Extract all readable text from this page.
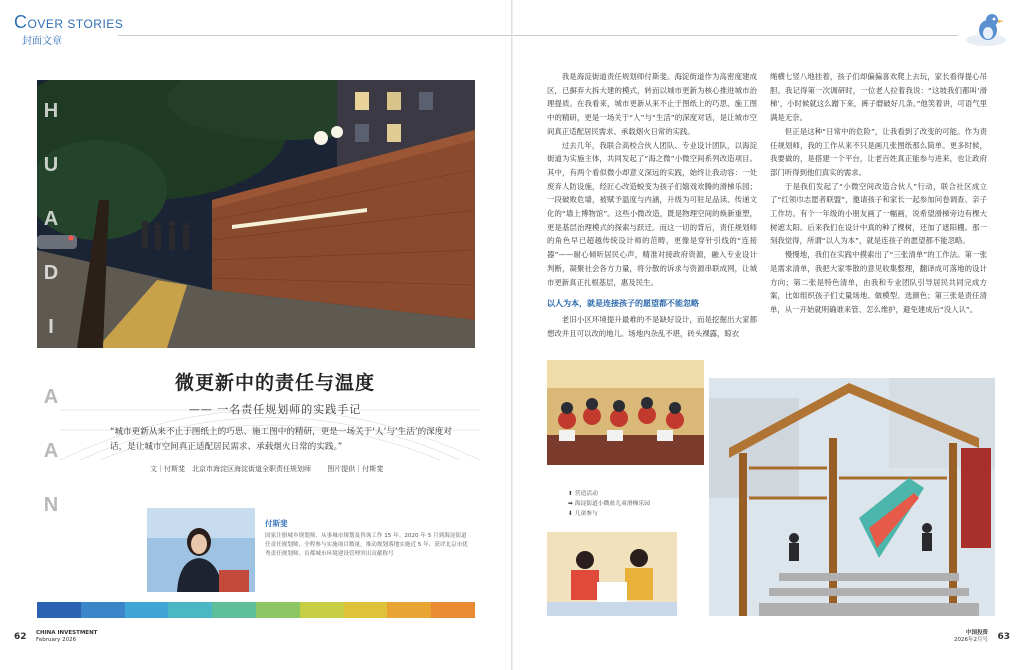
COVER STORIES
封面文章
H
U
A
D
I
A
A
N
微更新中的责任与温度
—— 一名责任规划师的实践手记
“城市更新从来不止于图纸上的巧思、施工图中的精研，更是一场关于‘人’与‘生活’的深度对话，是让城市空间真正适配居民需求、承载烟火日常的实践。”
文｜付斯斐　北京市海淀区海淀街道全职责任规划师 图片提供｜付斯斐
付斯斐
国家注册城乡规划师，从事城市规划及咨询工作 15 年。2020 年 5 月到海淀街道任责任规划师，全程参与实施项目数量，推动规划落地实施近 5 年。获评北京市优秀责任规划师、首都城市环境建设管理突出贡献称号
62 CHINA INVESTMENT
February 2026

我是海淀街道责任规划师付斯斐。海淀街道作为高密度建成区，已摒弃大拆大建的模式，转而以城市更新为核心推进城市治理提质。在我看来，城市更新从来不止于图纸上的巧思、施工图中的精研，更是一场关于“人”与“生活”的深度对话，是让城市空间真正适配居民需求、承载烟火日常的实践。

过去几年，我联合高校合伙人团队、专业设计团队，以海淀街道为实施主体，共同发起了“海之微”小微空间系列改造项目。其中，有两个看似微小却意义深远的实践，始终让我动容：一处废弃人防设施，经匠心改造蜕变为孩子们嬉戏欢腾的滑梯乐园；一段破败危墙，被赋予温度与内涵，升级为可驻足品读、传递文化的“墙上博物馆”。这些小微改造，既是物理空间的焕新重塑，更是基层治理模式的探索与跃迁。而这一切的背后，责任规划师的角色早已超越传统设计师的范畴，更像是穿针引线的“连接器”——耐心倾听居民心声，精准对接政府资源，融入专业设计判断，凝聚社会各方力量，将分散的诉求与资源串联成网，让城市更新真正扎根基层，惠及民生。

以人为本，就是连接孩子的愿望都不能忽略

老旧小区环境提升最难的不是缺好设计，而是挖掘出大家都想改并且可以改的地儿。场地内杂乱不堪，砖头裸露，晾衣

绳横七竖八地挂着，孩子们却偏偏喜欢爬上去玩，家长看得提心吊胆。我记得第一次调研时，一位老人拉着我说：“这坡我们都叫‘滑梯’，小时候就这么蹭下来，裤子磨破好几条。”他笑着讲，可语气里满是无奈。

但正是这种“日常中的危险”，让我看到了改变的可能。作为责任规划师，我的工作从来不只是画几张图纸那么简单。更多时候，我要做的，是搭建一个平台，让老百姓真正能参与进来，也让政府部门听得到他们真实的需求。

于是我们发起了“小微空间改造合伙人”行动，联合社区成立了“红领巾志愿者联盟”，邀请孩子和家长一起参加问卷调查、亲子工作坊。有个一年级的小朋友画了一幅画，说希望滑梯旁边有棵大树遮太阳。后来我们在设计中真的种了棵树，还加了遮阳棚。那一刻我觉得，所谓“以人为本”，就是连孩子的愿望都不能忽略。

慢慢地，我们在实践中摸索出了“三张清单”的工作法。第一张是需求清单，我把大家零散的意见收集整理，翻译成可落地的设计方向；第二张是特色清单，由我和专业团队引导居民共同完成方案，比如组织孩子们丈量场地、做模型、选颜色；第三张是责任清单，从一开始就明确谁来管、怎么维护，避免建成后“没人认”。

⬆ 营造活动
➡ 海淀街道小微盆儿童滑梯乐园
⬇ 儿童参与
中国投资
2026年2月号 63
